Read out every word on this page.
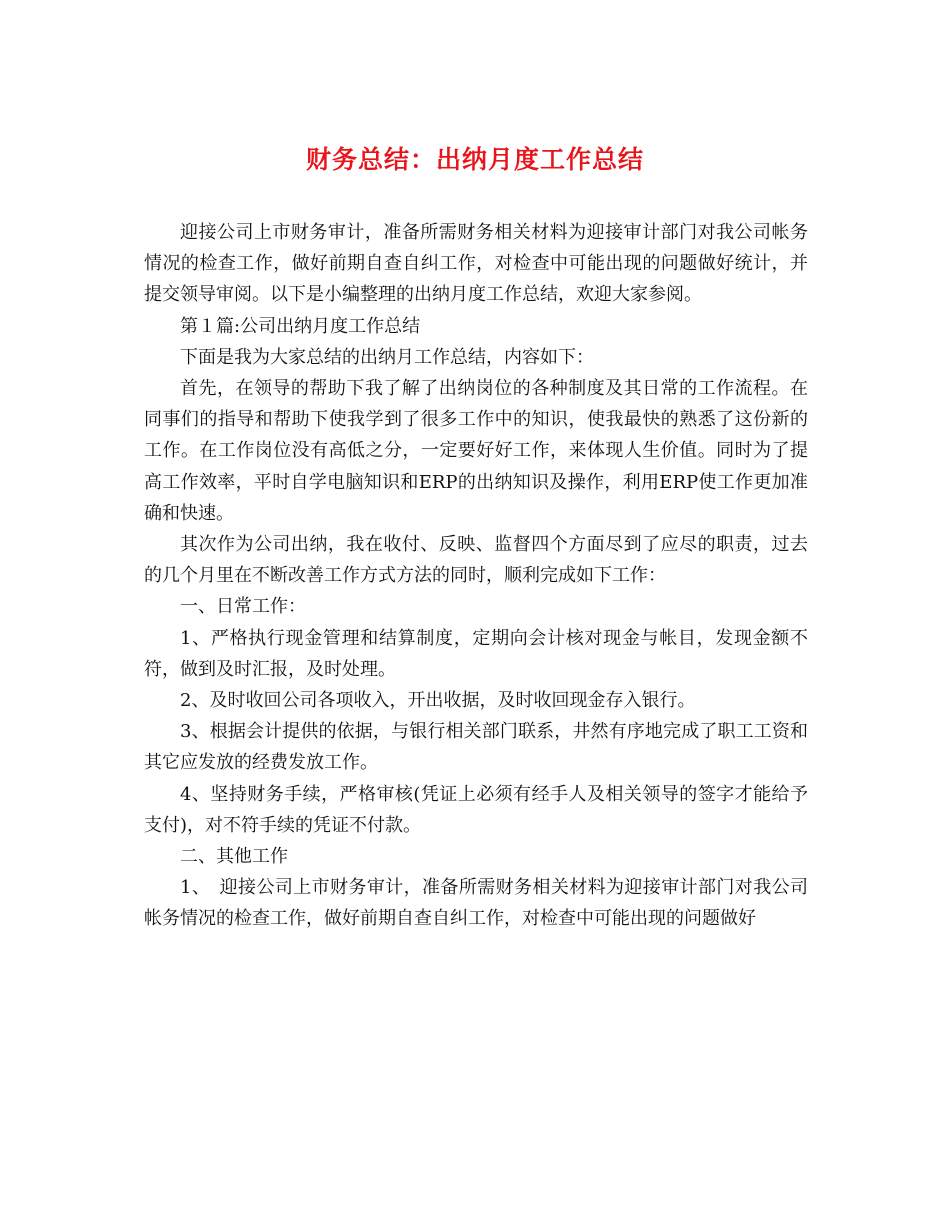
财务总结：出纳月度工作总结

迎接公司上市财务审计，准备所需财务相关材料为迎接审计部门对我公司帐务情况的检查工作，做好前期自查自纠工作，对检查中可能出现的问题做好统计，并提交领导审阅。以下是小编整理的出纳月度工作总结，欢迎大家参阅。

第１篇:公司出纳月度工作总结

下面是我为大家总结的出纳月工作总结，内容如下：

首先，在领导的帮助下我了解了出纳岗位的各种制度及其日常的工作流程。在同事们的指导和帮助下使我学到了很多工作中的知识，使我最快的熟悉了这份新的工作。在工作岗位没有高低之分，一定要好好工作，来体现人生价值。同时为了提高工作效率，平时自学电脑知识和ERP的出纳知识及操作，利用ERP使工作更加准确和快速。

其次作为公司出纳，我在收付、反映、监督四个方面尽到了应尽的职责，过去的几个月里在不断改善工作方式方法的同时，顺利完成如下工作：

一、日常工作：

1、严格执行现金管理和结算制度，定期向会计核对现金与帐目，发现金额不符，做到及时汇报，及时处理。

2、及时收回公司各项收入，开出收据，及时收回现金存入银行。

3、根据会计提供的依据，与银行相关部门联系，井然有序地完成了职工工资和其它应发放的经费发放工作。

4、坚持财务手续，严格审核(凭证上必须有经手人及相关领导的签字才能给予支付)，对不符手续的凭证不付款。

二、其他工作

1、　迎接公司上市财务审计，准备所需财务相关材料为迎接审计部门对我公司帐务情况的检查工作，做好前期自查自纠工作，对检查中可能出现的问题做好
